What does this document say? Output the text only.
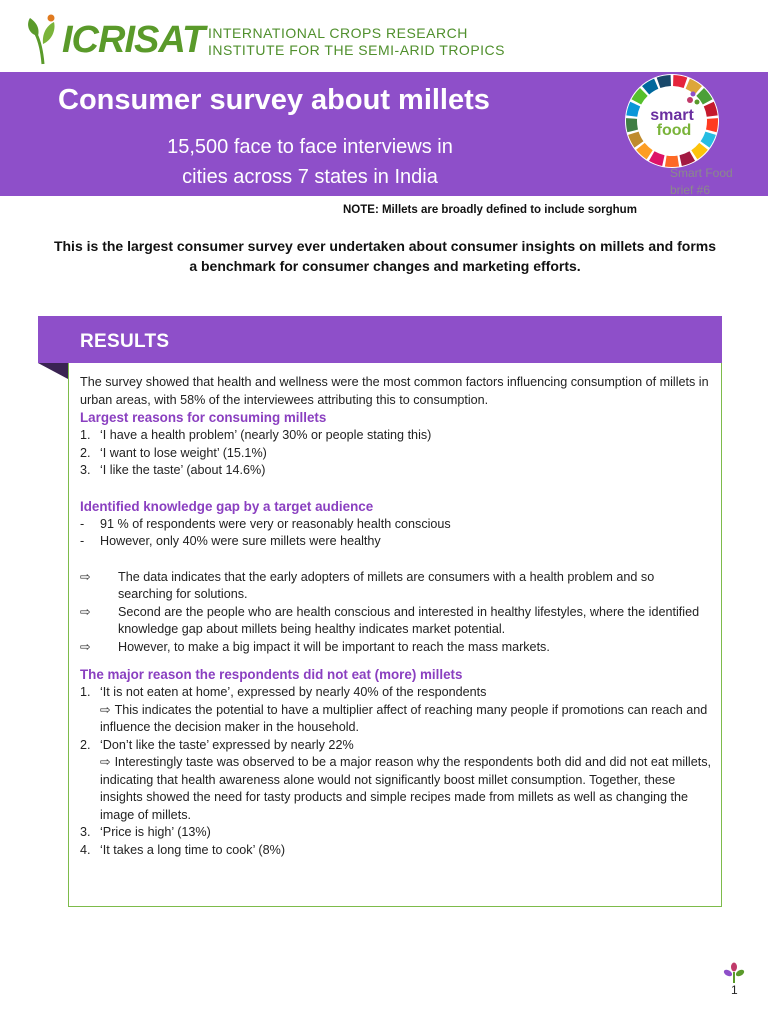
ICRISAT INTERNATIONAL CROPS RESEARCH
INSTITUTE FOR THE SEMI-ARID TROPICS
Consumer survey about millets
15,500 face to face interviews in
cities across 7 states in India
smart
food
Smart Food
brief #6
NOTE: Millets are broadly defined to include sorghum
This is the largest consumer survey ever undertaken about consumer insights on millets and forms a benchmark for consumer changes and marketing efforts.
RESULTS

The survey showed that health and wellness were the most common factors influencing consumption of millets in urban areas, with 58% of the interviewees attributing this to consumption.

Largest reasons for consuming millets
1. ‘I have a health problem’ (nearly 30% or people stating this)
2. ‘I want to lose weight’ (15.1%)
3. ‘I like the taste’ (about 14.6%)
Identified knowledge gap by a target audience
- 91 % of respondents were very or reasonably health conscious
- However, only 40% were sure millets were healthy
⇨ The data indicates that the early adopters of millets are consumers with a health problem and so searching for solutions.
⇨ Second are the people who are health conscious and interested in healthy lifestyles, where the identified knowledge gap about millets being healthy indicates market potential.
⇨ However, to make a big impact it will be important to reach the mass markets.
The major reason the respondents did not eat (more) millets
1. ‘It is not eaten at home’, expressed by nearly 40% of the respondents
⇨ This indicates the potential to have a multiplier affect of reaching many people if promotions can reach and influence the decision maker in the household.
2. ‘Don’t like the taste’ expressed by nearly 22%
⇨ Interestingly taste was observed to be a major reason why the respondents both did and did not eat millets, indicating that health awareness alone would not significantly boost millet consumption. Together, these insights showed the need for tasty products and simple recipes made from millets as well as changing the image of millets.
3. ‘Price is high’ (13%)
4. ‘It takes a long time to cook’ (8%)
1
